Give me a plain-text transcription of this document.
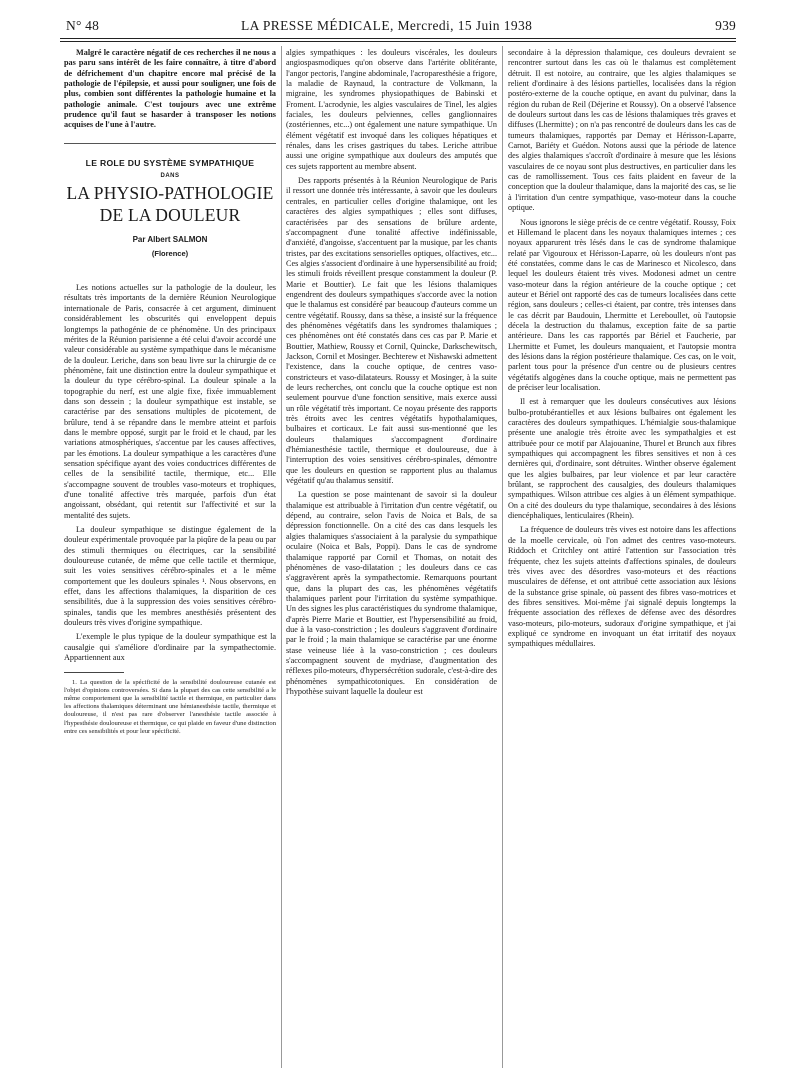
N° 48	LA PRESSE MÉDICALE, Mercredi, 15 Juin 1938	939

Malgré le caractère négatif de ces recherches il ne nous a pas paru sans intérêt de les faire connaître, à titre d'abord de défrichement d'un chapitre encore mal précisé de la pathologie de l'épilepsie, et aussi pour souligner, une fois de plus, combien sont différentes la pathologie humaine et la pathologie animale. C'est toujours avec une extrême prudence qu'il faut se hasarder à transposer les notions acquises de l'une à l'autre.

LE ROLE DU SYSTÈME SYMPATHIQUE
DANS
LA PHYSIO-PATHOLOGIE
DE LA DOULEUR
Par Albert SALMON
(Florence)

Les notions actuelles sur la pathologie de la douleur, les résultats très importants de la dernière Réunion Neurologique internationale de Paris, consacrée à cet argument, diminuent considérablement les obscurités qui enveloppent depuis longtemps la pathogénie de ce phénomène. Un des principaux mérites de la Réunion parisienne a été celui d'avoir accordé une valeur considérable au système sympathique dans le mécanisme de la douleur. Leriche, dans son beau livre sur la chirurgie de ce phénomène, fait une distinction entre la douleur sympathique et la douleur du type cérébro-spinal. La douleur spinale a la topographie du nerf, est une algie fixe, fixée immuablement dans son dessein ; la douleur sympathique est instable, se caractérise par des sensations multiples de picotement, de brûlure, tend à se répandre dans le membre atteint et parfois dans le membre opposé, surgit par le froid et le chaud, par les variations atmosphériques, s'accentue par les causes affectives, par les émotions. La douleur sympathique a les caractères d'une sensation spécifique ayant des voies conductrices différentes de celles de la sensibilité tactile, thermique, etc... Elle s'accompagne souvent de troubles vaso-moteurs et trophiques, d'une tonalité affective très marquée, parfois d'un état angoissant, obsédant, qui retentit sur l'affectivité et sur la mentalité des sujets.

La douleur sympathique se distingue également de la douleur expérimentale provoquée par la piqûre de la peau ou par des stimuli thermiques ou électriques, car la sensibilité douloureuse cutanée, de même que celle tactile et thermique, suit les voies sensitives cérébro-spinales et a le même comportement que les douleurs spinales ¹. Nous observons, en effet, dans les affections thalamiques, la disparition de ces sensibilités, due à la suppression des voies sensitives cérébro-spinales, tandis que les membres anesthésiés présentent des douleurs très vives d'origine sympathique.

L'exemple le plus typique de la douleur sympathique est la causalgie qui s'améliore d'ordinaire par la sympathectomie. Appartiennent aux

1. La question de la spécificité de la sensibilité douloureuse cutanée est l'objet d'opinions controversées. Si dans la plupart des cas cette sensibilité a le même comportement que la sensibilité tactile et thermique, en particulier dans les affections thalamiques déterminant une hémianesthésie tactile, thermique et douloureuse, il n'est pas rare d'observer l'anesthésie tactile associée à l'hypesthésie douloureuse et thermique, ce qui plaide en faveur d'une distinction entre ces sensibilités et pour leur spécificité.

algies sympathiques : les douleurs viscérales, les douleurs angiospasmodiques qu'on observe dans l'artérite oblitérante, l'angor pectoris, l'angine abdominale, l'acroparesthésie a frigore, la maladie de Raynaud, la contracture de Volkmann, la migraine, les syndromes physiopathiques de Babinski et Froment. L'acrodynie, les algies vasculaires de Tinel, les algies faciales, les douleurs pelviennes, celles ganglionnaires (zostériennes, etc...) ont également une nature sympathique. Un élément végétatif est invoqué dans les coliques hépatiques et rénales, dans les crises gastriques du tabes. Leriche attribue aussi une origine sympathique aux douleurs des amputés que ces sujets rapportent au membre absent.

Des rapports présentés à la Réunion Neurologique de Paris il ressort une donnée très intéressante, à savoir que les douleurs centrales, en particulier celles d'origine thalamique, ont les caractères des algies sympathiques ; elles sont diffuses, caractérisées par des sensations de brûlure ardente, s'accompagnent d'une tonalité affective indéfinissable, d'anxiété, d'angoisse, s'accentuent par la musique, par les chants tristes, par des excitations sensorielles optiques, olfactives, etc... Ces algies s'associent d'ordinaire à une hypersensibilité au froid; les stimuli froids réveillent presque constamment la douleur (P. Marie et Bouttier). Le fait que les lésions thalamiques engendrent des douleurs sympathiques s'accorde avec la notion que le thalamus est considéré par beaucoup d'auteurs comme un centre végétatif. Roussy, dans sa thèse, a insisté sur la fréquence des phénomènes végétatifs dans les syndromes thalamiques ; ces phénomènes ont été constatés dans ces cas par P. Marie et Bouttier, Mathiew, Roussy et Cornil, Quincke, Darkschewitsch, Jackson, Cornil et Mosinger. Bechterew et Nishawski admettent l'existence, dans la couche optique, de centres vaso-constricteurs et vaso-dilatateurs. Roussy et Mosinger, à la suite de leurs recherches, ont conclu que la couche optique est non seulement pourvue d'une fonction sensitive, mais exerce aussi un rôle végétatif très important. Ce noyau présente des rapports très étroits avec les centres végétatifs hypothalamiques, bulbaires et corticaux. Le fait aussi sus-mentionné que les douleurs thalamiques s'accompagnent d'ordinaire d'hémianesthésie tactile, thermique et douloureuse, due à l'interruption des voies sensitives cérébro-spinales, démontre que les douleurs en question se rapportent plus au thalamus végétatif qu'au thalamus sensitif.

La question se pose maintenant de savoir si la douleur thalamique est attribuable à l'irritation d'un centre végétatif, ou dépend, au contraire, selon l'avis de Noica et Bals, de sa dépression fonctionnelle. On a cité des cas dans lesquels les algies thalamiques s'associaient à la paralysie du sympathique oculaire (Noica et Bals, Poppi). Dans le cas de syndrome thalamique rapporté par Cornil et Thomas, on notait des phénomènes de vaso-dilatation ; les douleurs dans ce cas s'aggravèrent après la sympathectomie. Remarquons pourtant que, dans la plupart des cas, les phénomènes végétatifs thalamiques parlent pour l'irritation du système sympathique. Un des signes les plus caractéristiques du syndrome thalamique, d'après Pierre Marie et Bouttier, est l'hypersensibilité au froid, due à la vaso-constriction ; les douleurs s'aggravent d'ordinaire par le froid ; la main thalamique se caractérise par une énorme stase veineuse liée à la vaso-constriction ; ces douleurs s'accompagnent souvent de mydriase, d'augmentation des réflexes pilo-moteurs, d'hypersécrétion sudorale, c'est-à-dire des phénomènes sympathicotoniques. En considération de l'hypothèse suivant laquelle la douleur est

secondaire à la dépression thalamique, ces douleurs devraient se rencontrer surtout dans les cas où le thalamus est complètement détruit. Il est notoire, au contraire, que les algies thalamiques se relient d'ordinaire à des lésions partielles, localisées dans la région postéro-externe de la couche optique, en avant du pulvinar, dans la région du ruban de Reil (Déjerine et Roussy). On a observé l'absence de douleurs surtout dans les cas de lésions thalamiques très graves et diffuses (Lhermitte) ; on n'a pas rencontré de douleurs dans les cas de tumeurs thalamiques, rapportés par Demay et Hérisson-Laparre, Carnot, Bariéty et Guédon. Notons aussi que la période de latence des algies thalamiques s'accroît d'ordinaire à mesure que les lésions vasculaires de ce noyau sont plus destructives, en particulier dans les cas de ramollissement. Tous ces faits plaident en faveur de la conception que la douleur thalamique, dans la majorité des cas, se lie à l'irritation d'un centre sympathique, vaso-moteur dans la couche optique.

Nous ignorons le siège précis de ce centre végétatif. Roussy, Foix et Hillemand le placent dans les noyaux thalamiques internes ; ces noyaux apparurent très lésés dans le cas de syndrome thalamique relaté par Vigouroux et Hérisson-Laparre, où les douleurs n'ont pas été constatées, comme dans le cas de Marinesco et Nicolesco, dans lequel les douleurs étaient très vives. Modonesi admet un centre vaso-moteur dans la région antérieure de la couche optique ; cet auteur et Bériel ont rapporté des cas de tumeurs localisées dans cette région, sans douleurs ; celles-ci étaient, par contre, très intenses dans le cas décrit par Baudouin, Lhermitte et Lereboullet, où l'autopsie décela la destruction du thalamus, exception faite de sa partie antérieure. Dans les cas rapportés par Bériel et Faucherie, par Lhermitte et Fumet, les douleurs manquaient, et l'autopsie montra des lésions dans la région postérieure thalamique. Ces cas, on le voit, parlent tous pour la présence d'un centre ou de plusieurs centres végétatifs algogènes dans la couche optique, mais ne permettent pas de préciser leur localisation.

Il est à remarquer que les douleurs consécutives aux lésions bulbo-protubérantielles et aux lésions bulbaires ont également les caractères des douleurs sympathiques. L'hémialgie sous-thalamique présente une analogie très étroite avec les sympathalgies et est attribuée pour ce motif par Alajouanine, Thurel et Brunch aux fibres sympathiques qui accompagnent les fibres sensitives et non à ces dernières qui, d'ordinaire, sont détruites. Winther observe également que les algies bulbaires, par leur violence et par leur caractère brûlant, se rapprochent des causalgies, des douleurs thalamiques sympathiques. Wilson attribue ces algies à un élément sympathique. On a cité des douleurs du type thalamique, secondaires à des lésions diencéphaliques, lenticulaires (Rhein).

La fréquence de douleurs très vives est notoire dans les affections de la moelle cervicale, où l'on admet des centres vaso-moteurs. Riddoch et Critchley ont attiré l'attention sur l'association très fréquente, chez les sujets atteints d'affections spinales, de douleurs très vives avec des désordres vaso-moteurs et des réactions musculaires de défense, et ont attribué cette association aux lésions de la substance grise spinale, où passent des fibres vaso-motrices et des fibres sensitives. Moi-même j'ai signalé depuis longtemps la fréquente association des réflexes de défense avec des désordres vaso-moteurs, pilo-moteurs, sudoraux d'origine sympathique, et j'ai expliqué ce syndrome en invoquant un état irritatif des noyaux sympathiques médullaires.
